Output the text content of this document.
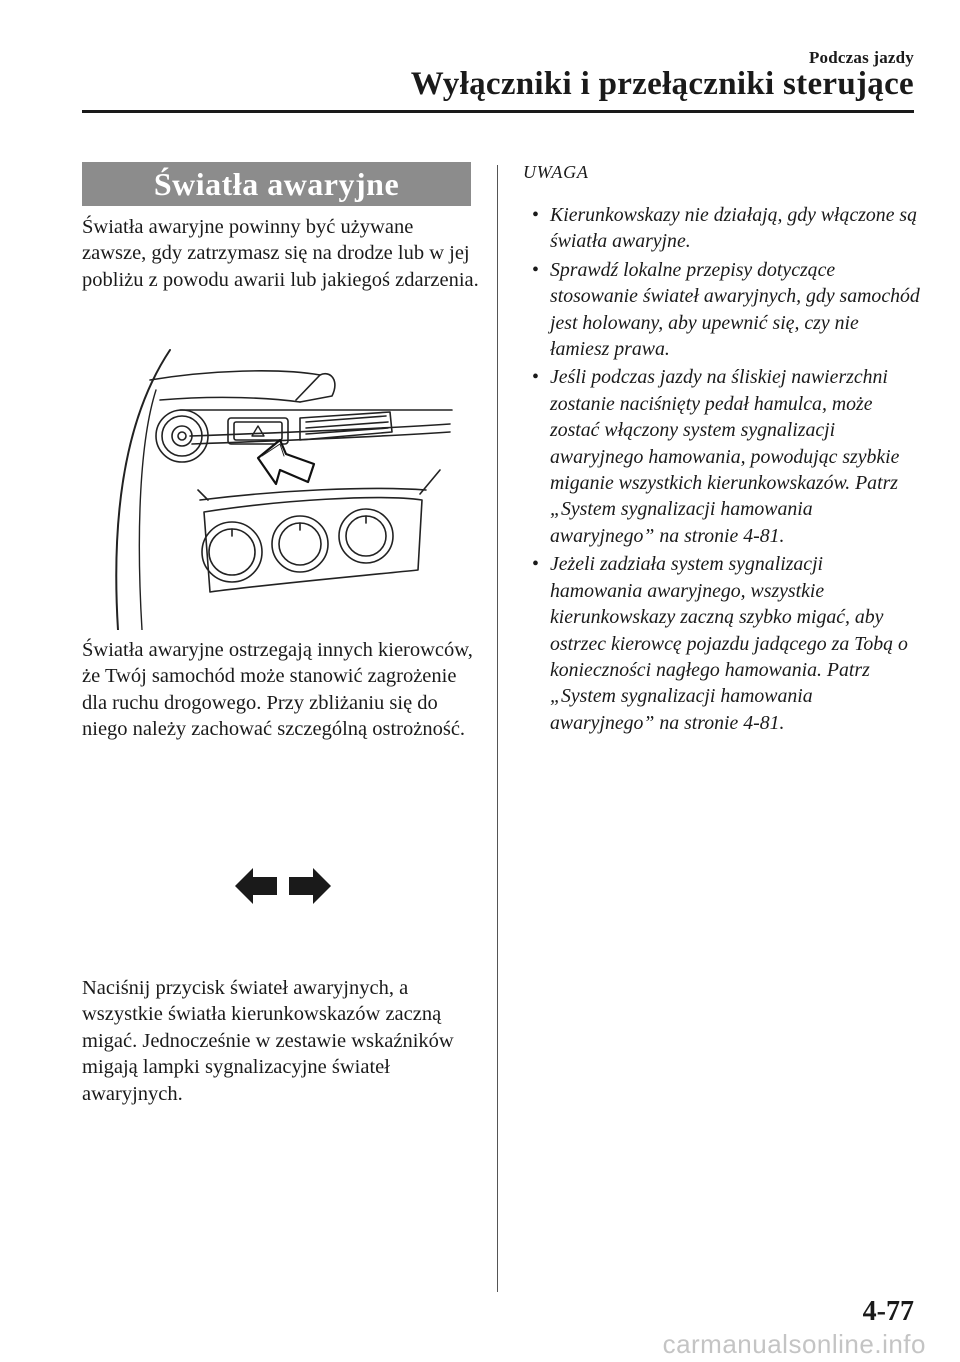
Podczas jazdy
Wyłączniki i przełączniki sterujące
Światła awaryjne

Światła awaryjne powinny być używane zawsze, gdy zatrzymasz się na drodze lub w jej pobliżu z powodu awarii lub jakiegoś zdarzenia.

Światła awaryjne ostrzegają innych kierowców, że Twój samochód może stanowić zagrożenie dla ruchu drogowego. Przy zbliżaniu się do niego należy zachować szczególną ostrożność.

Naciśnij przycisk świateł awaryjnych, a wszystkie światła kierunkowskazów zaczną migać. Jednocześnie w zestawie wskaźników migają lampki sygnalizacyjne świateł awaryjnych.

UWAGA
• Kierunkowskazy nie działają, gdy włączone są światła awaryjne.
• Sprawdź lokalne przepisy dotyczące stosowanie świateł awaryjnych, gdy samochód jest holowany, aby upewnić się, czy nie łamiesz prawa.
• Jeśli podczas jazdy na śliskiej nawierzchni zostanie naciśnięty pedał hamulca, może zostać włączony system sygnalizacji awaryjnego hamowania, powodując szybkie miganie wszystkich kierunkowskazów. Patrz „System sygnalizacji hamowania awaryjnego” na stronie 4-81.
• Jeżeli zadziała system sygnalizacji hamowania awaryjnego, wszystkie kierunkowskazy zaczną szybko migać, aby ostrzec kierowcę pojazdu jadącego za Tobą o konieczności nagłego hamowania. Patrz „System sygnalizacji hamowania awaryjnego” na stronie 4-81.
4-77
carmanualsonline.info
